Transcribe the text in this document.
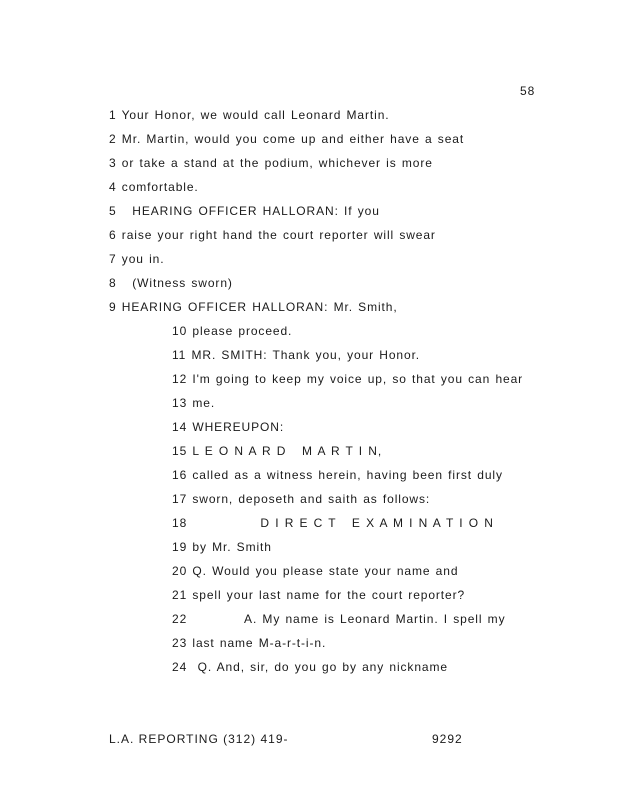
58
1 Your Honor, we would call Leonard Martin.
2 Mr. Martin, would you come up and either have a seat
3 or take a stand at the podium, whichever is more
4 comfortable.
5   HEARING OFFICER HALLORAN: If you
6 raise your right hand the court reporter will swear
7 you in.
8   (Witness sworn)
9 HEARING OFFICER HALLORAN: Mr. Smith,
10 please proceed.
11 MR. SMITH: Thank you, your Honor.
12 I'm going to keep my voice up, so that you can hear
13 me.
14 WHEREUPON:
15 L E O N A R D   M A R T I N,
16 called as a witness herein, having been first duly
17 sworn, deposeth and saith as follows:
18              D I R E C T   E X A M I N A T I O N
19 by Mr. Smith
20 Q. Would you please state your name and
21 spell your last name for the court reporter?
22           A. My name is Leonard Martin. I spell my
23 last name M-a-r-t-i-n.
24  Q. And, sir, do you go by any nickname
L.A. REPORTING (312) 419-	9292
